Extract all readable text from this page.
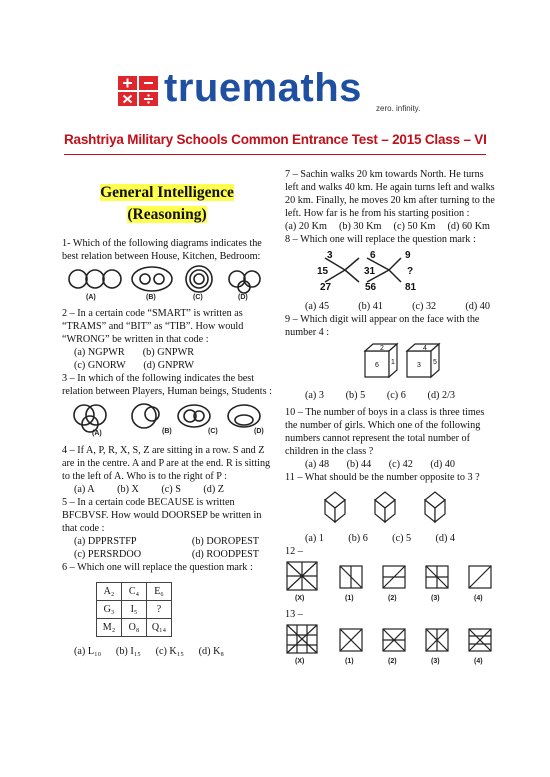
truemaths zero. infinity.
Rashtriya Military Schools Common Entrance Test – 2015 Class – VI
General Intelligence
(Reasoning)

1- Which of the following diagrams indicates the best relation between House, Kitchen, Bedroom:

(A)	(B)	(C)	(D)

2 – In a certain code “SMART” is written as “TRAMS” and “BIT” as “TIB”. How would “WRONG” be written in that code :

(a) NGPWR (b) GNPWR
(c) GNORW (d) GNPRW

3 – In which of the following indicates the best relation between Players, Human beings, Students :

(A)	(B)	(C)	(D)

4 – If A, P, R, X, S, Z are sitting in a row. S and Z are in the centre. A and P are at the end. R is sitting to the left of A. Who is to the right of P :

(a) A (b) X (c) S (d) Z

5 – In a certain code BECAUSE is written BFCBVSF. How would DOORSEP be written in that code :

(a) DPPRSTFP	(b) DOROPEST
(c) PERSRDOO	(d) ROODPEST

6 – Which one will replace the question mark :

A₂	C₄	E₆
G₃	I₅	?
M₂	O₈	Q₁₄
(a) L₁₀ (b) I₁₅ (c) K₁₅ (d) K₈

7 – Sachin walks 20 km towards North. He turns left and walks 40 km. He again turns left and walks 20 km. Finally, he moves 20 km after turning to the left. How far is he from his starting position :

(a) 20 Km (b) 30 Km (c) 50 Km (d) 60 Km

8 – Which one will replace the question mark :

3
15
27
6
31
56
9
?
81
(a) 45	(b) 41	(c) 32	(d) 40

9 – Which digit will appear on the face with the number 4 :

2
6 1
4
3 5
(a) 3 (b) 5 (c) 6 (d) 2/3

10 – The number of boys in a class is three times the number of girls. Which one of the following numbers cannot represent the total number of children in the class ?

(a) 48 (b) 44 (c) 42 (d) 40

11 – What should be the number opposite to 3 ?

(a) 1 (b) 6 (c) 5 (d) 4

12 –

(X)	(1)	(2)	(3)	(4)

13 –

(X)	(1)	(2)	(3)	(4)
